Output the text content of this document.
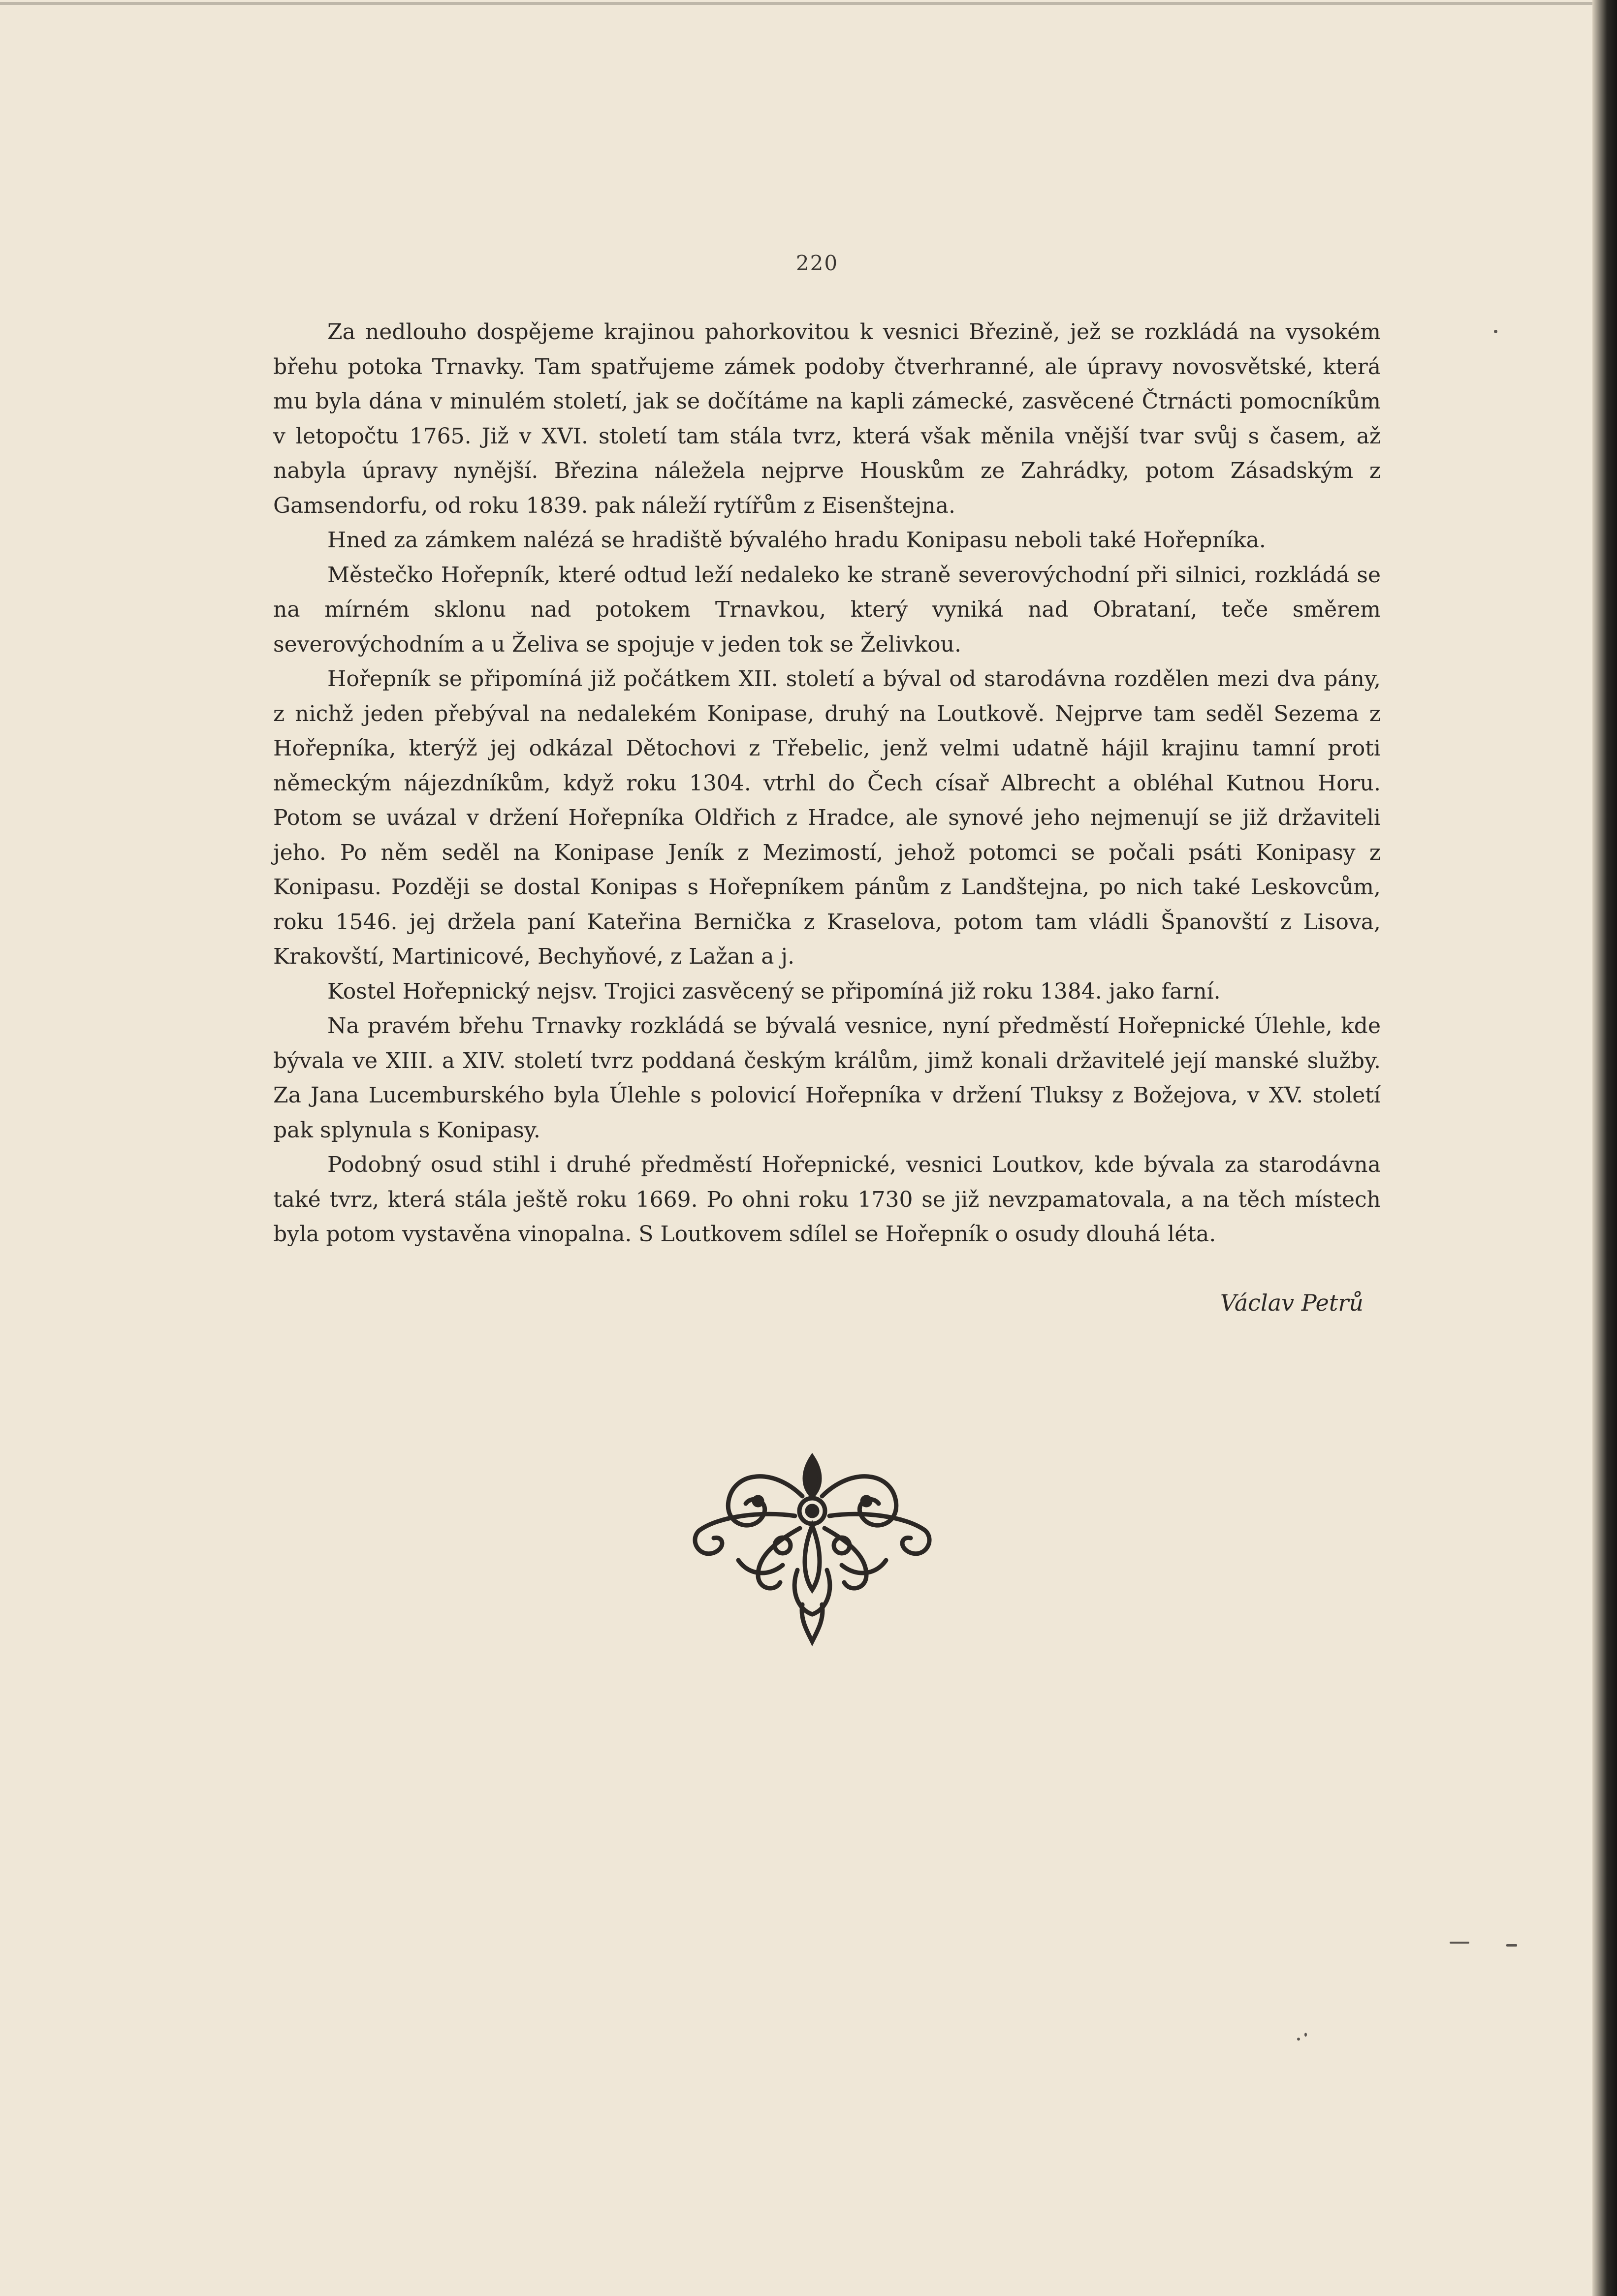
220

Za nedlouho dospějeme krajinou pahorkovitou k vesnici Březině, jež se rozkládá na vysokém břehu potoka Trnavky. Tam spatřujeme zámek podoby čtverhranné, ale úpravy novosvětské, která mu byla dána v minulém století, jak se dočítáme na kapli zámecké, zasvěcené Čtrnácti pomocníkům v letopočtu 1765. Již v XVI. století tam stála tvrz, která však měnila vnější tvar svůj s časem, až nabyla úpravy nynější. Březina náležela nejprve Houskům ze Zahrádky, potom Zásadským z Gamsendorfu, od roku 1839. pak náleží rytířům z Eisenštejna.

Hned za zámkem nalézá se hradiště bývalého hradu Konipasu neboli také Hořepníka.

Městečko Hořepník, které odtud leží nedaleko ke straně severovýchodní při silnici, rozkládá se na mírném sklonu nad potokem Trnavkou, který vyniká nad Obrataní, teče směrem severovýchodním a u Želiva se spojuje v jeden tok se Želivkou.

Hořepník se připomíná již počátkem XII. století a býval od starodávna rozdělen mezi dva pány, z nichž jeden přebýval na nedalekém Konipase, druhý na Loutkově. Nejprve tam seděl Sezema z Hořepníka, kterýž jej odkázal Dětochovi z Třebelic, jenž velmi udatně hájil krajinu tamní proti německým nájezdníkům, když roku 1304. vtrhl do Čech císař Albrecht a obléhal Kutnou Horu. Potom se uvázal v držení Hořepníka Oldřich z Hradce, ale synové jeho nejmenují se již državiteli jeho. Po něm seděl na Konipase Jeník z Mezimostí, jehož potomci se počali psáti Konipasy z Konipasu. Později se dostal Konipas s Hořepníkem pánům z Landštejna, po nich také Leskovcům, roku 1546. jej držela paní Kateřina Bernička z Kraselova, potom tam vládli Španovští z Lisova, Krakovští, Martinicové, Bechyňové, z Lažan a j.

Kostel Hořepnický nejsv. Trojici zasvěcený se připomíná již roku 1384. jako farní.

Na pravém břehu Trnavky rozkládá se bývalá vesnice, nyní předměstí Hořepnické Úlehle, kde bývala ve XIII. a XIV. století tvrz poddaná českým králům, jimž konali državitelé její manské služby. Za Jana Lucemburského byla Úlehle s polovicí Hořepníka v držení Tluksy z Božejova, v XV. století pak splynula s Konipasy.

Podobný osud stihl i druhé předměstí Hořepnické, vesnici Loutkov, kde bývala za starodávna také tvrz, která stála ještě roku 1669. Po ohni roku 1730 se již nevzpamatovala, a na těch místech byla potom vystavěna vinopalna. S Loutkovem sdílel se Hořepník o osudy dlouhá léta.

Václav Petrů
